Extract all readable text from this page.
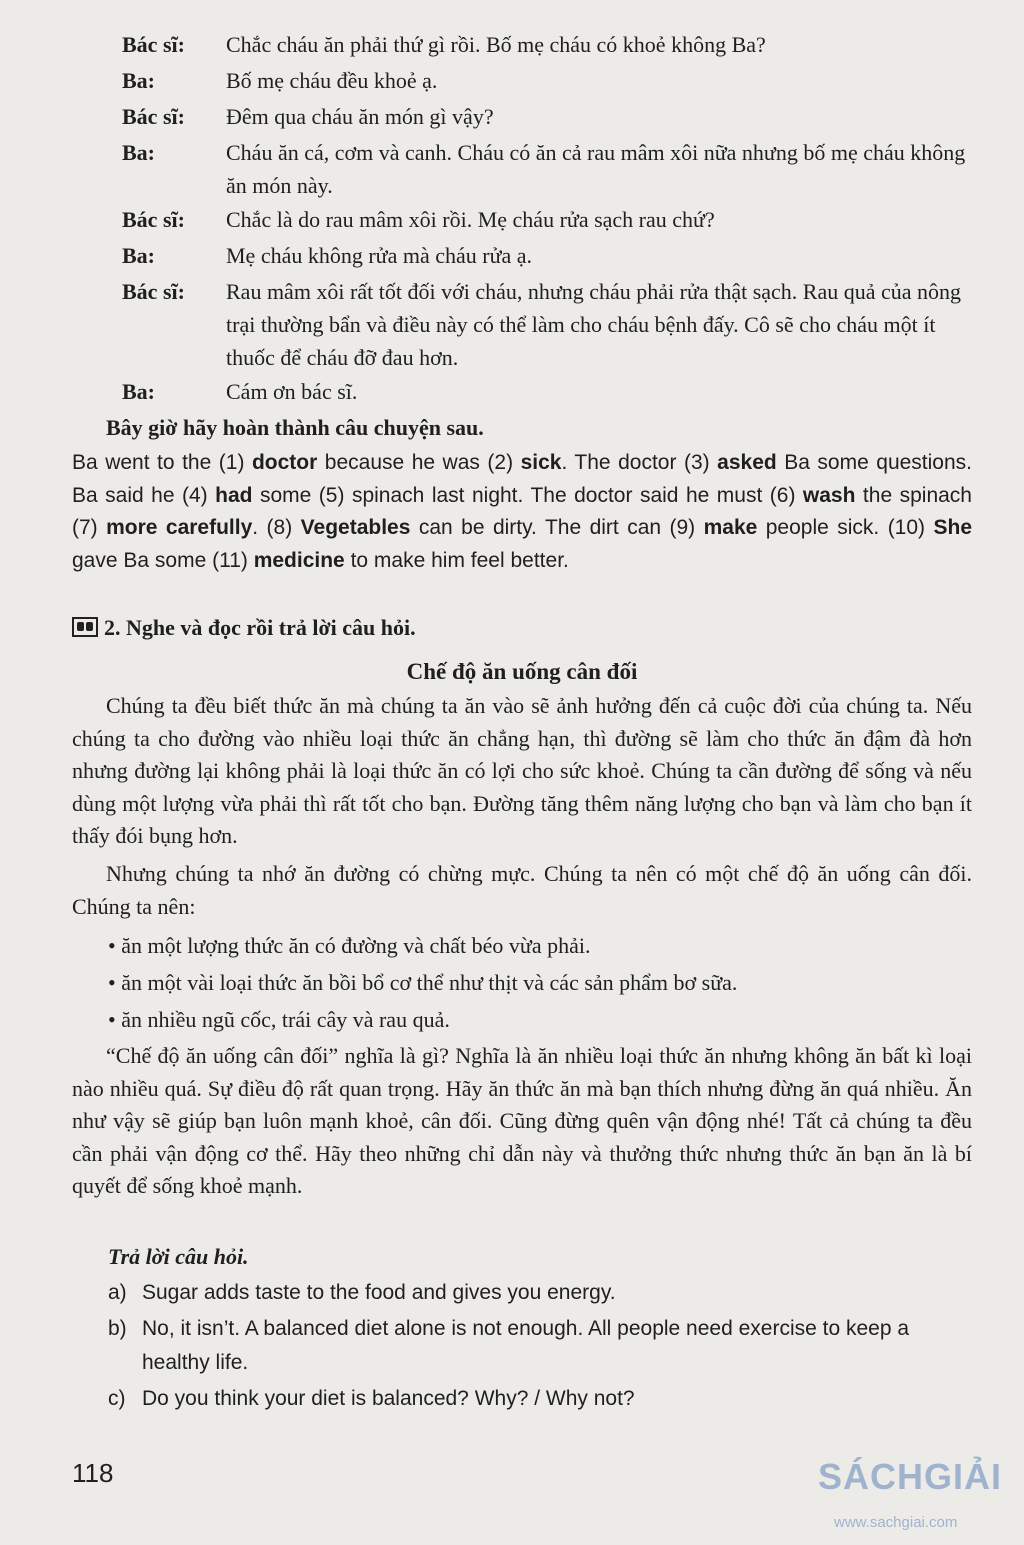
Bác sĩ: Chắc cháu ăn phải thứ gì rồi. Bố mẹ cháu có khoẻ không Ba?
Ba:	Bố mẹ cháu đều khoẻ ạ.
Bác sĩ: Đêm qua cháu ăn món gì vậy?
Ba:	Cháu ăn cá, cơm và canh. Cháu có ăn cả rau mâm xôi nữa nhưng bố mẹ cháu không ăn món này.
Bác sĩ: Chắc là do rau mâm xôi rồi. Mẹ cháu rửa sạch rau chứ?
Ba:	Mẹ cháu không rửa mà cháu rửa ạ.
Bác sĩ: Rau mâm xôi rất tốt đối với cháu, nhưng cháu phải rửa thật sạch. Rau quả của nông trại thường bẩn và điều này có thể làm cho cháu bệnh đấy. Cô sẽ cho cháu một ít thuốc để cháu đỡ đau hơn.
Ba:	Cám ơn bác sĩ.
Bây giờ hãy hoàn thành câu chuyện sau.
Ba went to the (1) doctor because he was (2) sick. The doctor (3) asked Ba some questions. Ba said he (4) had some (5) spinach last night. The doctor said he must (6) wash the spinach (7) more carefully. (8) Vegetables can be dirty. The dirt can (9) make people sick. (10) She gave Ba some (11) medicine to make him feel better.
2. Nghe và đọc rồi trả lời câu hỏi.
Chế độ ăn uống cân đối
Chúng ta đều biết thức ăn mà chúng ta ăn vào sẽ ảnh hưởng đến cả cuộc đời của chúng ta. Nếu chúng ta cho đường vào nhiều loại thức ăn chẳng hạn, thì đường sẽ làm cho thức ăn đậm đà hơn nhưng đường lại không phải là loại thức ăn có lợi cho sức khoẻ. Chúng ta cần đường để sống và nếu dùng một lượng vừa phải thì rất tốt cho bạn. Đường tăng thêm năng lượng cho bạn và làm cho bạn ít thấy đói bụng hơn.
Nhưng chúng ta nhớ ăn đường có chừng mực. Chúng ta nên có một chế độ ăn uống cân đối. Chúng ta nên:
• ăn một lượng thức ăn có đường và chất béo vừa phải.
• ăn một vài loại thức ăn bồi bổ cơ thể như thịt và các sản phẩm bơ sữa.
• ăn nhiều ngũ cốc, trái cây và rau quả.
“Chế độ ăn uống cân đối” nghĩa là gì? Nghĩa là ăn nhiều loại thức ăn nhưng không ăn bất kì loại nào nhiều quá. Sự điều độ rất quan trọng. Hãy ăn thức ăn mà bạn thích nhưng đừng ăn quá nhiều. Ăn như vậy sẽ giúp bạn luôn mạnh khoẻ, cân đối. Cũng đừng quên vận động nhé! Tất cả chúng ta đều cần phải vận động cơ thể. Hãy theo những chỉ dẫn này và thưởng thức nhưng thức ăn bạn ăn là bí quyết để sống khoẻ mạnh.
Trả lời câu hỏi.
a) Sugar adds taste to the food and gives you energy.
b) No, it isn’t. A balanced diet alone is not enough. All people need exercise to keep a healthy life.
c) Do you think your diet is balanced? Why? / Why not?
118	SÁCHGIẢI
www.sachgiai.com
